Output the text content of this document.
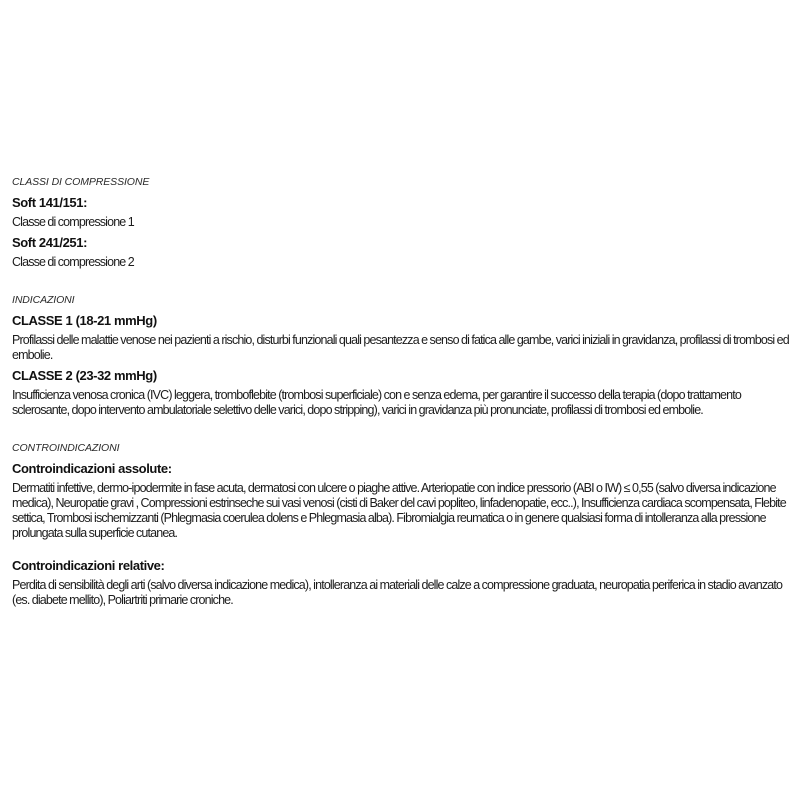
CLASSI DI COMPRESSIONE
Soft 141/151:
Classe di compressione 1
Soft 241/251:
Classe di compressione 2
INDICAZIONI
CLASSE 1 (18-21 mmHg)
Profilassi delle malattie venose nei pazienti a rischio, disturbi funzionali quali pesantezza e senso di fatica alle gambe, varici iniziali in gravidanza, profilassi di trombosi ed embolie.
CLASSE 2 (23-32 mmHg)
Insufficienza venosa cronica (IVC) leggera, tromboflebite (trombosi superficiale) con e senza edema, per garantire il successo della terapia (dopo trattamento sclerosante, dopo intervento ambulatoriale selettivo delle varici, dopo stripping), varici in gravidanza più pronunciate, profilassi di trombosi ed embolie.
CONTROINDICAZIONI
Controindicazioni assolute:
Dermatiti infettive, dermo-ipodermite in fase acuta, dermatosi con ulcere o piaghe attive. Arteriopatie con indice pressorio (ABI o IW) ≤ 0,55 (salvo diversa indicazione medica), Neuropatie gravi , Compressioni estrinseche sui vasi venosi (cisti di Baker del cavi popliteo, linfadenopatie, ecc..), Insufficienza cardiaca scompensata, Flebite settica, Trombosi ischemizzanti (Phlegmasia coerulea dolens e Phlegmasia alba). Fibromialgia reumatica o in genere qualsiasi forma di intolleranza alla pressione prolungata sulla superficie cutanea.
Controindicazioni relative:
Perdita di sensibilità degli arti (salvo diversa indicazione medica), intolleranza ai materiali delle calze a compressione graduata, neuropatia periferica in stadio avanzato (es. diabete mellito), Poliartriti primarie croniche.
